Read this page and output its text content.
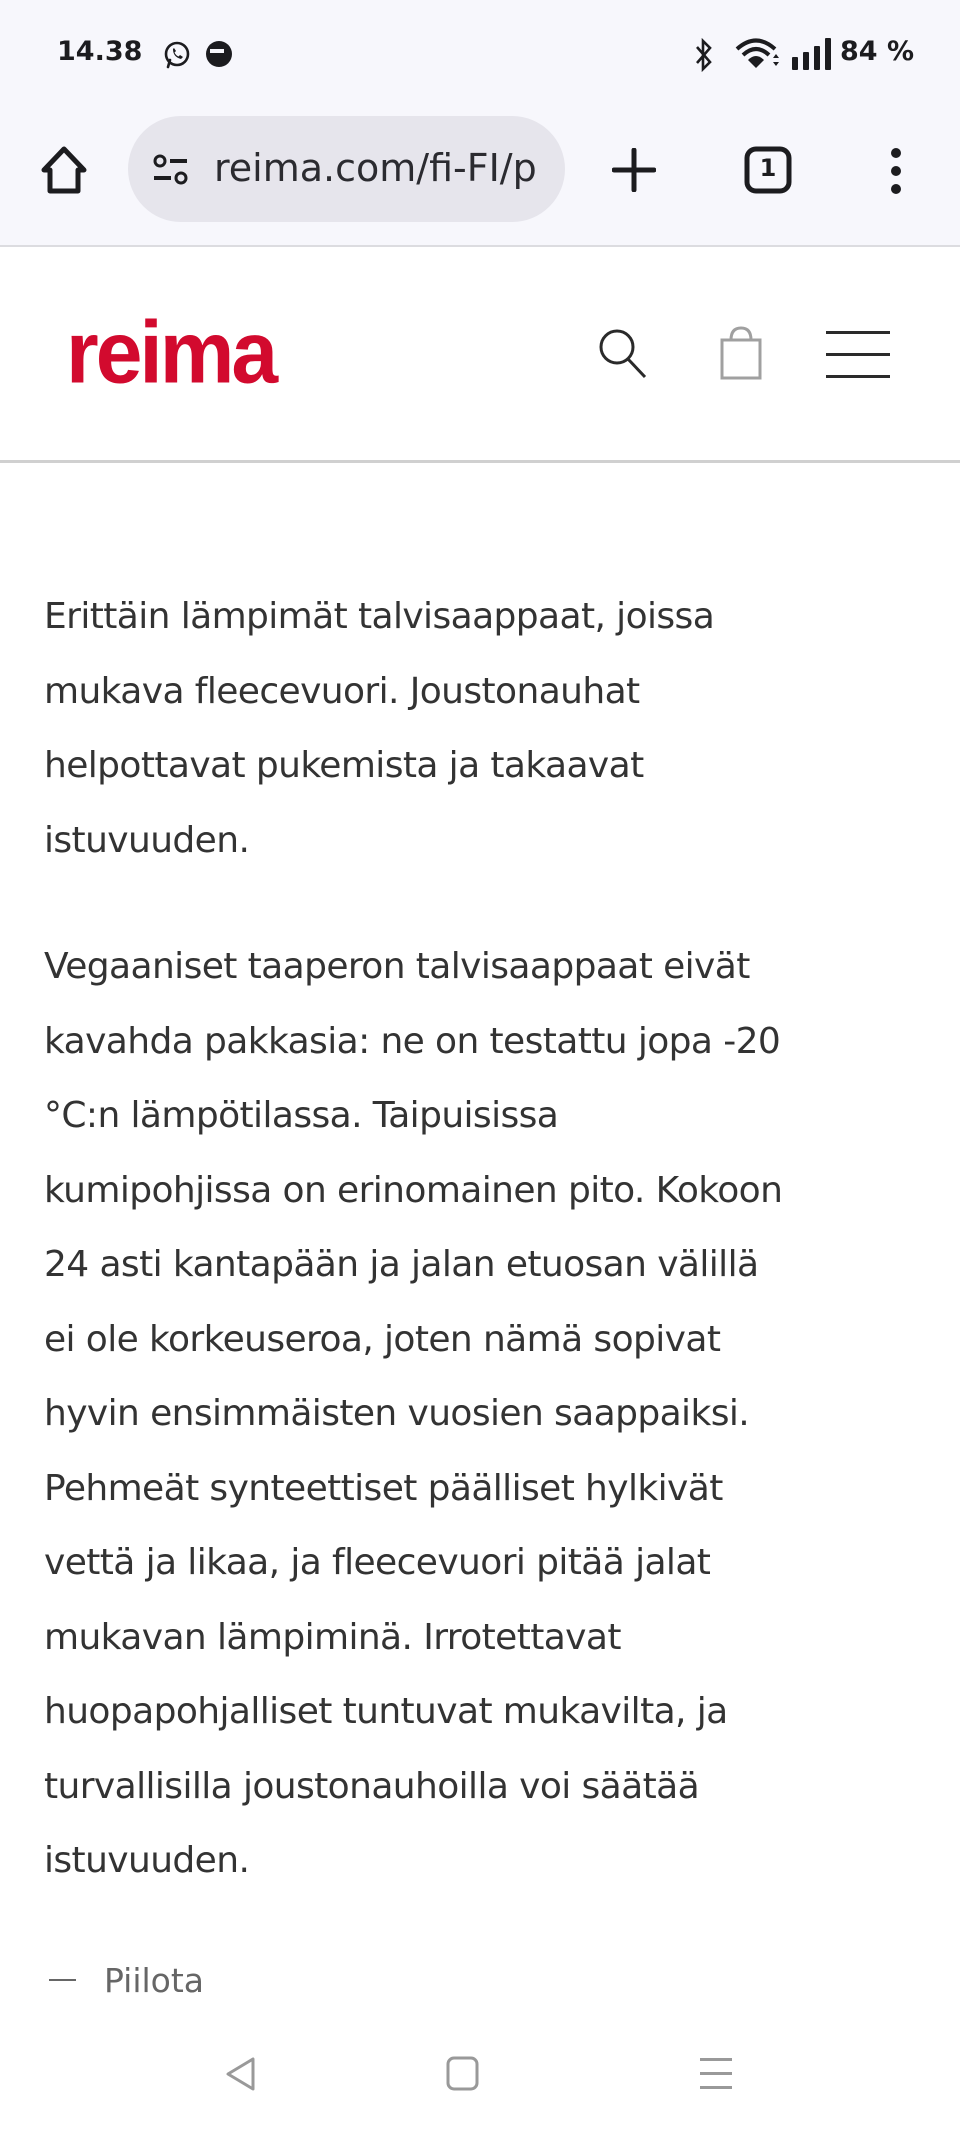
14.38	84 %
reima.com/fi-FI/p	1
reima

Erittäin lämpimät talvisaappaat, joissa
mukava fleecevuori. Joustonauhat
helpottavat pukemista ja takaavat
istuvuuden.

Vegaaniset taaperon talvisaappaat eivät
kavahda pakkasia: ne on testattu jopa -20
°C:n lämpötilassa. Taipuisissa
kumipohjissa on erinomainen pito. Kokoon
24 asti kantapään ja jalan etuosan välillä
ei ole korkeuseroa, joten nämä sopivat
hyvin ensimmäisten vuosien saappaiksi.
Pehmeät synteettiset päälliset hylkivät
vettä ja likaa, ja fleecevuori pitää jalat
mukavan lämpiminä. Irrotettavat
huopapohjalliset tuntuvat mukavilta, ja
turvallisilla joustonauhoilla voi säätää
istuvuuden.

Piilota
